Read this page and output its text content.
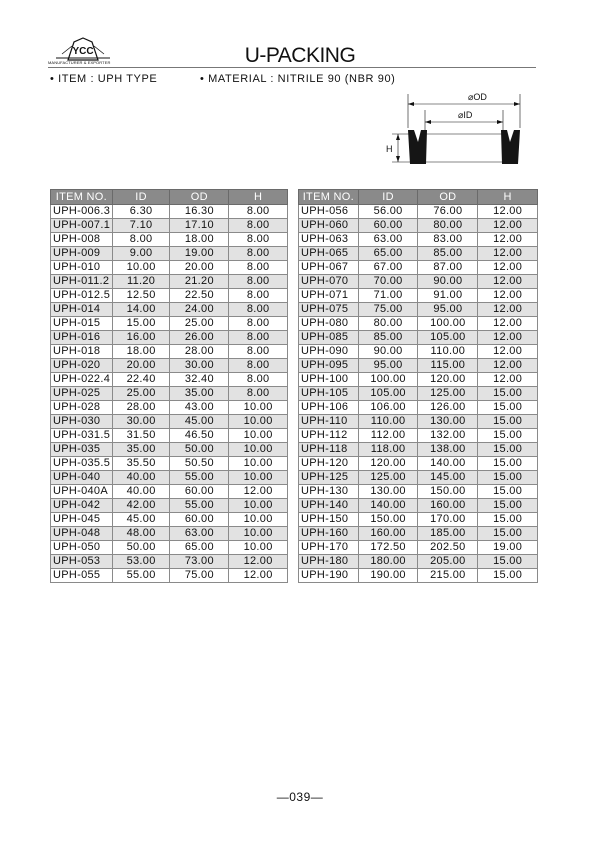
YCC
MANUFACTURER & EXPORTER	U-PACKING
• ITEM : UPH TYPE	• MATERIAL : NITRILE 90 (NBR 90)
⌀OD
⌀ID
H
ITEM NO.	ID	OD	H
UPH-006.3	6.30	16.30	8.00
UPH-007.1	7.10	17.10	8.00
UPH-008	8.00	18.00	8.00
UPH-009	9.00	19.00	8.00
UPH-010	10.00	20.00	8.00
UPH-011.2	11.20	21.20	8.00
UPH-012.5	12.50	22.50	8.00
UPH-014	14.00	24.00	8.00
UPH-015	15.00	25.00	8.00
UPH-016	16.00	26.00	8.00
UPH-018	18.00	28.00	8.00
UPH-020	20.00	30.00	8.00
UPH-022.4	22.40	32.40	8.00
UPH-025	25.00	35.00	8.00
UPH-028	28.00	43.00	10.00
UPH-030	30.00	45.00	10.00
UPH-031.5	31.50	46.50	10.00
UPH-035	35.00	50.00	10.00
UPH-035.5	35.50	50.50	10.00
UPH-040	40.00	55.00	10.00
UPH-040A	40.00	60.00	12.00
UPH-042	42.00	55.00	10.00
UPH-045	45.00	60.00	10.00
UPH-048	48.00	63.00	10.00
UPH-050	50.00	65.00	10.00
UPH-053	53.00	73.00	12.00
UPH-055	55.00	75.00	12.00
ITEM NO.	ID	OD	H
UPH-056	56.00	76.00	12.00
UPH-060	60.00	80.00	12.00
UPH-063	63.00	83.00	12.00
UPH-065	65.00	85.00	12.00
UPH-067	67.00	87.00	12.00
UPH-070	70.00	90.00	12.00
UPH-071	71.00	91.00	12.00
UPH-075	75.00	95.00	12.00
UPH-080	80.00	100.00	12.00
UPH-085	85.00	105.00	12.00
UPH-090	90.00	110.00	12.00
UPH-095	95.00	115.00	12.00
UPH-100	100.00	120.00	12.00
UPH-105	105.00	125.00	15.00
UPH-106	106.00	126.00	15.00
UPH-110	110.00	130.00	15.00
UPH-112	112.00	132.00	15.00
UPH-118	118.00	138.00	15.00
UPH-120	120.00	140.00	15.00
UPH-125	125.00	145.00	15.00
UPH-130	130.00	150.00	15.00
UPH-140	140.00	160.00	15.00
UPH-150	150.00	170.00	15.00
UPH-160	160.00	185.00	15.00
UPH-170	172.50	202.50	19.00
UPH-180	180.00	205.00	15.00
UPH-190	190.00	215.00	15.00
—039—
